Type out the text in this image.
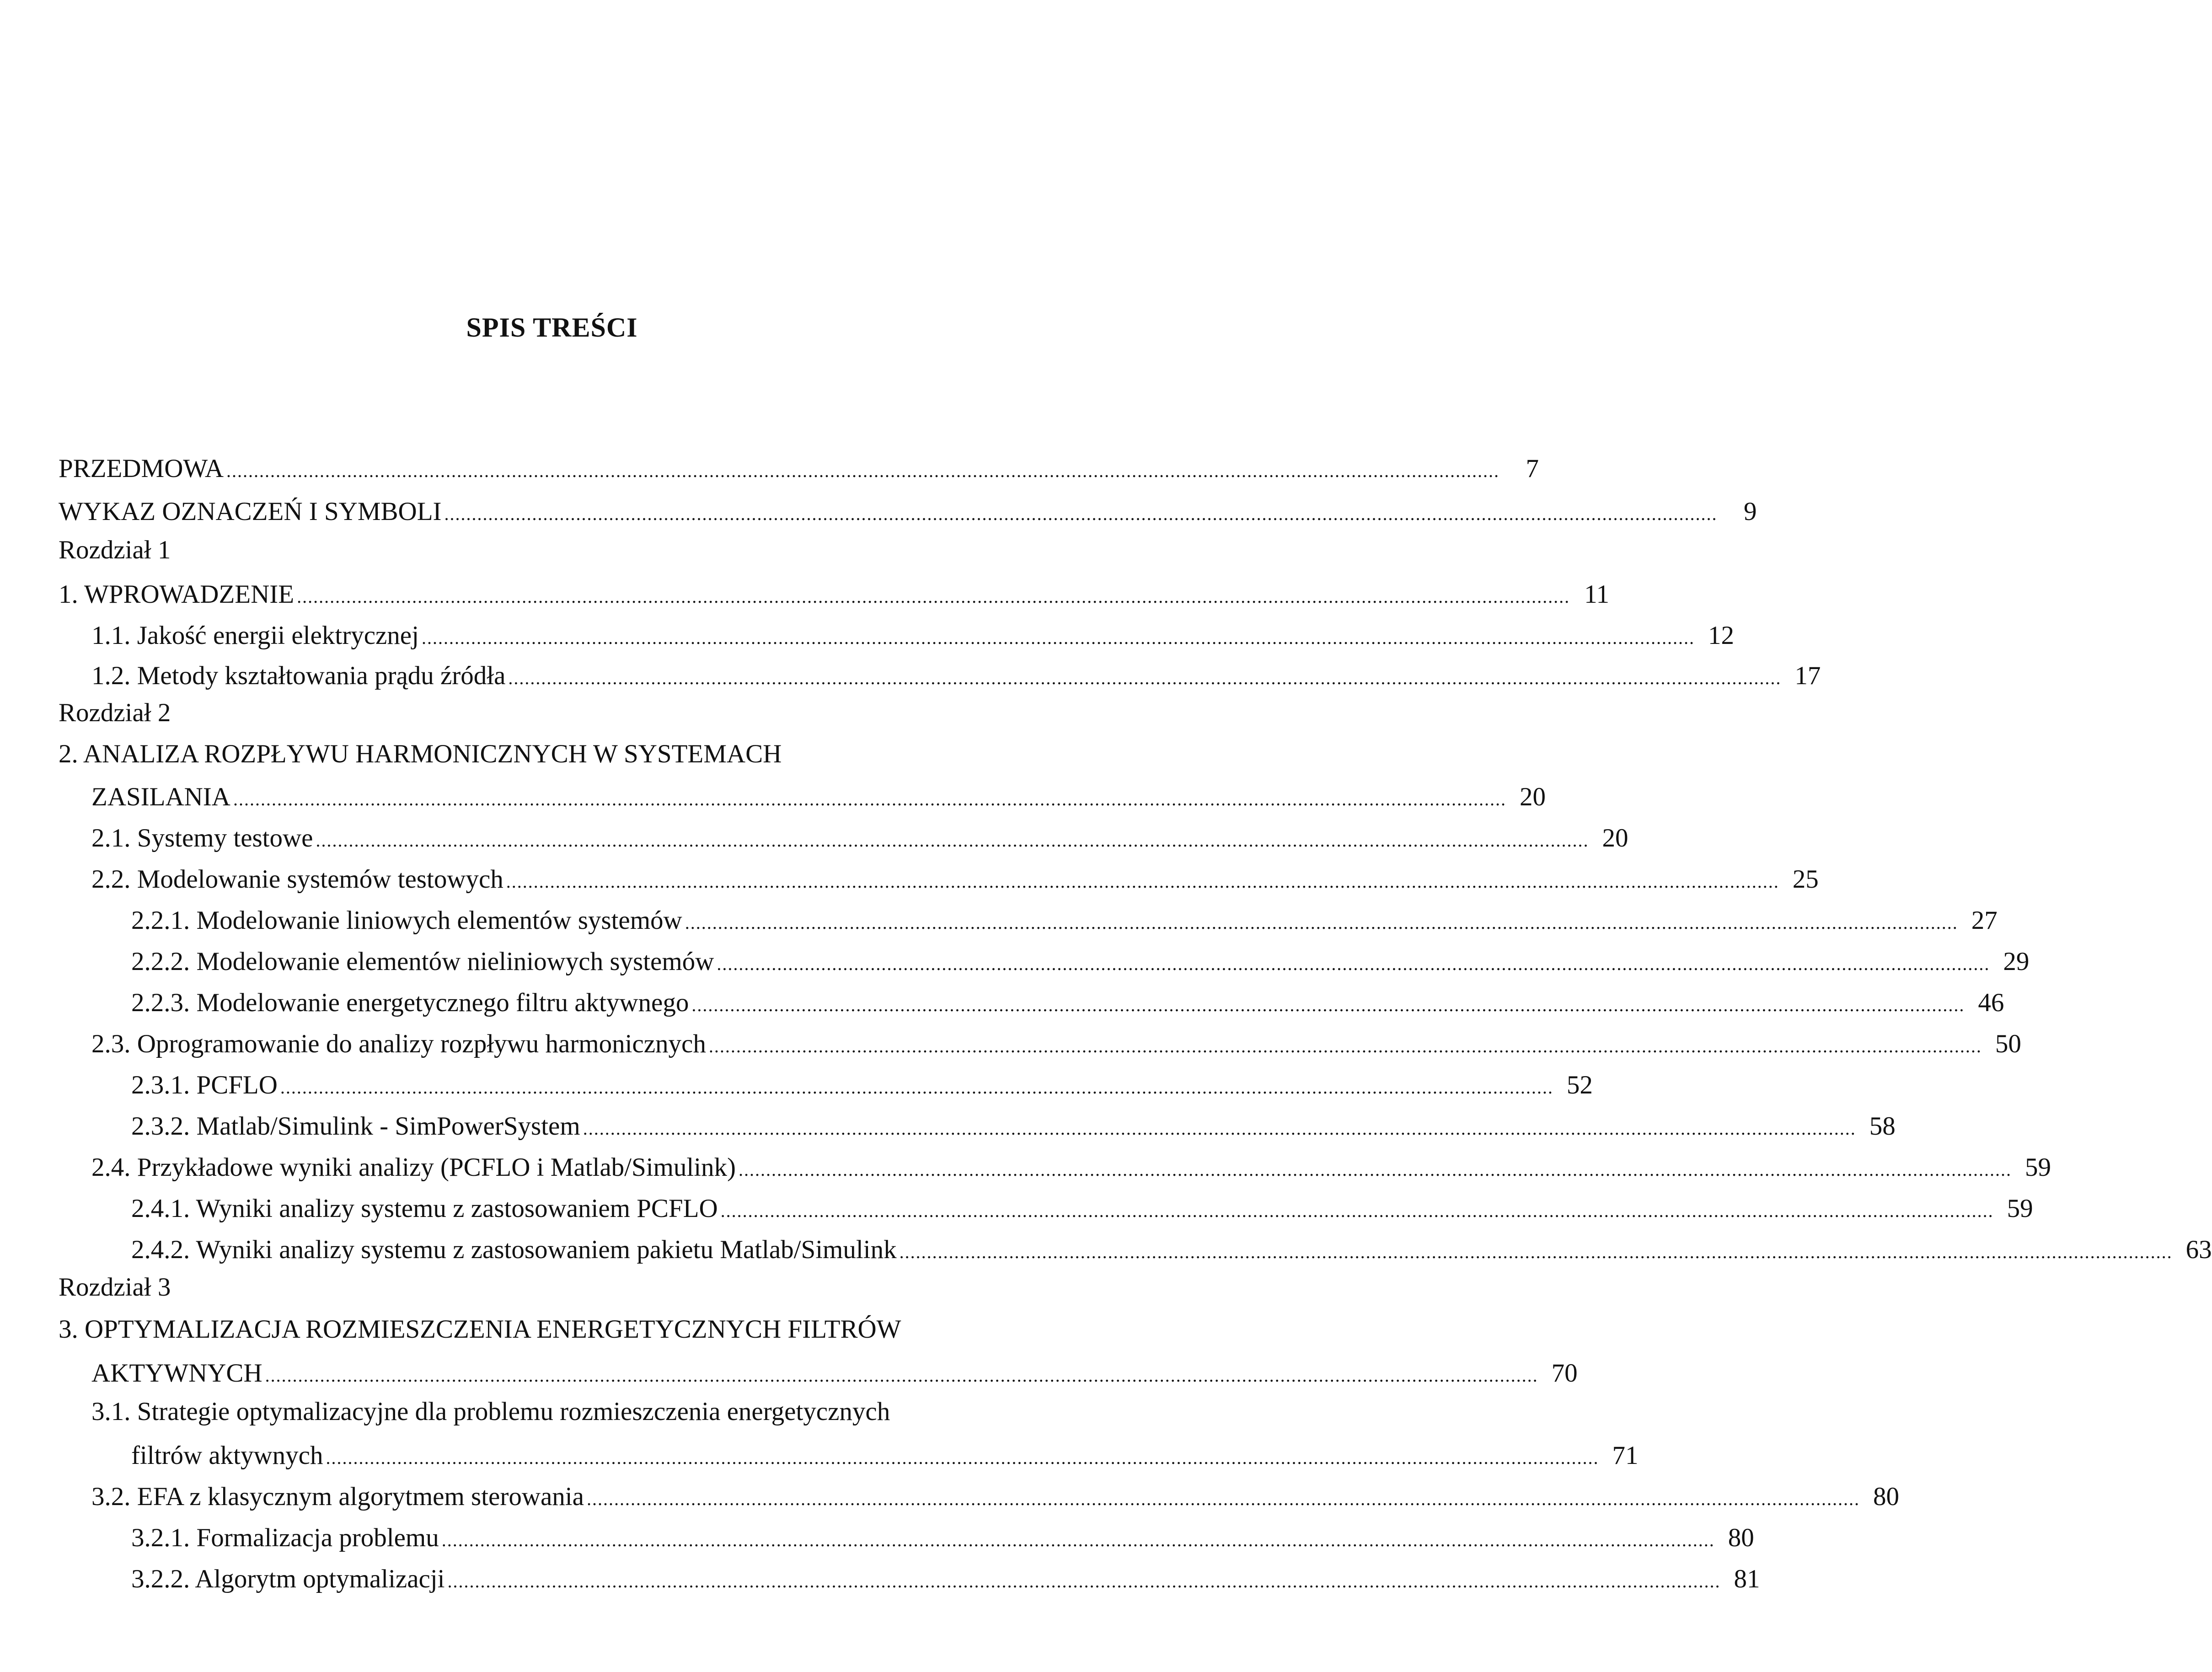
SPIS TREŚCI
PRZEDMOWA ........................................................................................................................................................................................................................................	7
WYKAZ OZNACZEŃ I SYMBOLI ........................................................................................................................................................................................................................................	9
Rozdział 1
1. WPROWADZENIE ........................................................................................................................................................................................................................................ 11
1.1. Jakość energii elektrycznej ........................................................................................................................................................................................................................................ 12
1.2. Metody kształtowania prądu źródła ........................................................................................................................................................................................................................................ 17
Rozdział 2
2. ANALIZA ROZPŁYWU HARMONICZNYCH W SYSTEMACH
ZASILANIA ........................................................................................................................................................................................................................................ 20
2.1. Systemy testowe ........................................................................................................................................................................................................................................ 20
2.2. Modelowanie systemów testowych ........................................................................................................................................................................................................................................ 25
2.2.1. Modelowanie liniowych elementów systemów ........................................................................................................................................................................................................................................ 27
2.2.2. Modelowanie elementów nieliniowych systemów ........................................................................................................................................................................................................................................ 29
2.2.3. Modelowanie energetycznego filtru aktywnego ........................................................................................................................................................................................................................................ 46
2.3. Oprogramowanie do analizy rozpływu harmonicznych ........................................................................................................................................................................................................................................ 50
2.3.1. PCFLO ........................................................................................................................................................................................................................................ 52
2.3.2. Matlab/Simulink - SimPowerSystem ........................................................................................................................................................................................................................................ 58
2.4. Przykładowe wyniki analizy (PCFLO i Matlab/Simulink) ........................................................................................................................................................................................................................................ 59
2.4.1. Wyniki analizy systemu z zastosowaniem PCFLO ........................................................................................................................................................................................................................................ 59
2.4.2. Wyniki analizy systemu z zastosowaniem pakietu Matlab/Simulink ........................................................................................................................................................................................................................................ 63
Rozdział 3
3. OPTYMALIZACJA ROZMIESZCZENIA ENERGETYCZNYCH FILTRÓW
AKTYWNYCH ........................................................................................................................................................................................................................................ 70
3.1. Strategie optymalizacyjne dla problemu rozmieszczenia energetycznych
filtrów aktywnych ........................................................................................................................................................................................................................................ 71
3.2. EFA z klasycznym algorytmem sterowania ........................................................................................................................................................................................................................................ 80
3.2.1. Formalizacja problemu ........................................................................................................................................................................................................................................ 80
3.2.2. Algorytm optymalizacji ........................................................................................................................................................................................................................................ 81
